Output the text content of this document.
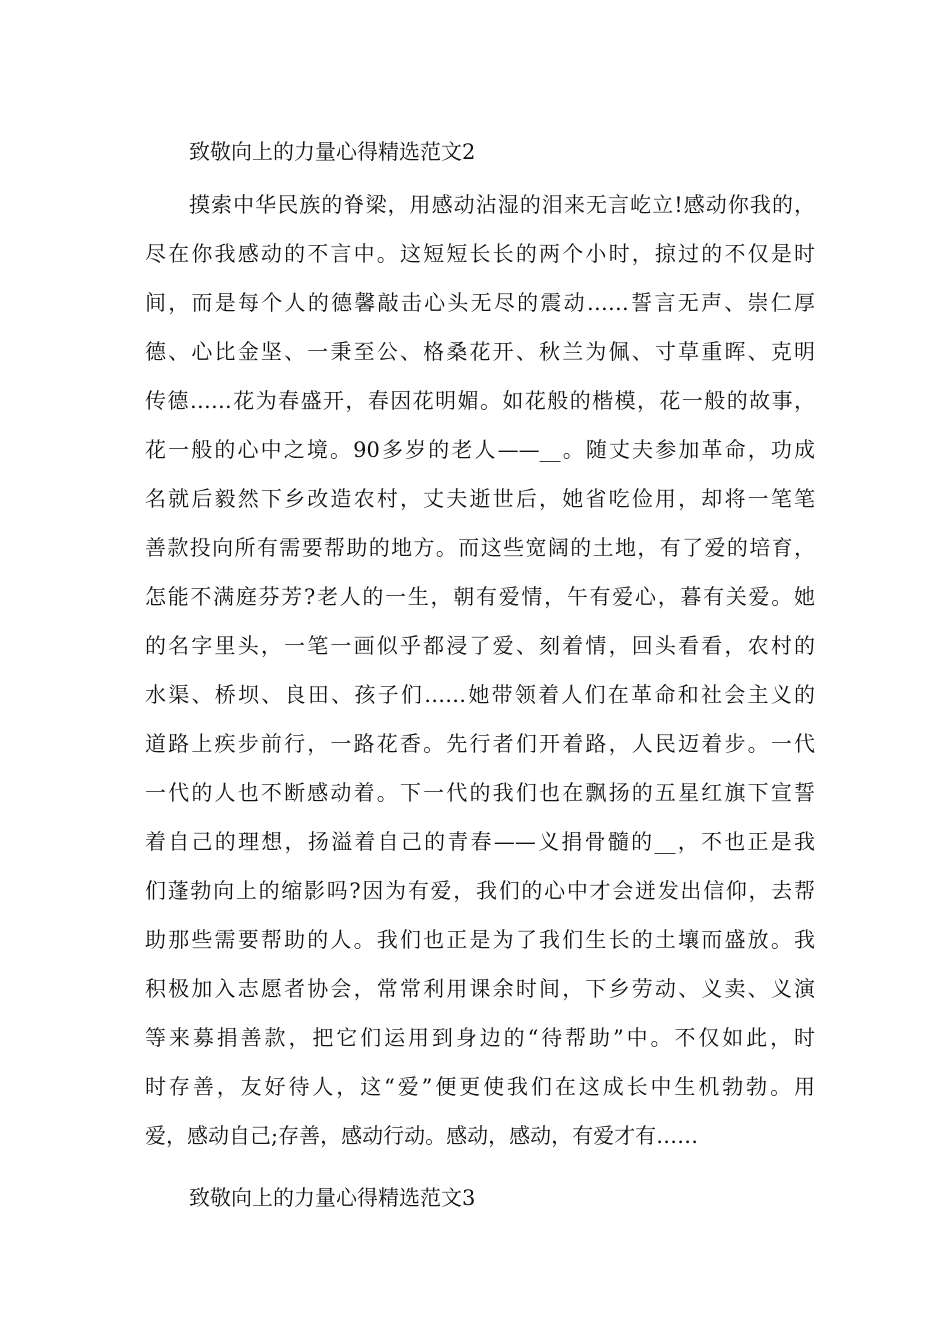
致敬向上的力量心得精选范文2

摸索中华民族的脊梁，用感动沾湿的泪来无言屹立!感动你我的，
尽在你我感动的不言中。这短短长长的两个小时，掠过的不仅是时
间，而是每个人的德馨敲击心头无尽的震动……誓言无声、崇仁厚
德、心比金坚、一秉至公、格桑花开、秋兰为佩、寸草重晖、克明
传德……花为春盛开，春因花明媚。如花般的楷模，花一般的故事，
花一般的心中之境。90多岁的老人——__。随丈夫参加革命，功成
名就后毅然下乡改造农村，丈夫逝世后，她省吃俭用，却将一笔笔
善款投向所有需要帮助的地方。而这些宽阔的土地，有了爱的培育，
怎能不满庭芬芳?老人的一生，朝有爱情，午有爱心，暮有关爱。她
的名字里头，一笔一画似乎都浸了爱、刻着情，回头看看，农村的
水渠、桥坝、良田、孩子们……她带领着人们在革命和社会主义的
道路上疾步前行，一路花香。先行者们开着路，人民迈着步。一代
一代的人也不断感动着。下一代的我们也在飘扬的五星红旗下宣誓
着自己的理想，扬溢着自己的青春——义捐骨髓的__，不也正是我
们蓬勃向上的缩影吗?因为有爱，我们的心中才会迸发出信仰，去帮
助那些需要帮助的人。我们也正是为了我们生长的土壤而盛放。我
积极加入志愿者协会，常常利用课余时间，下乡劳动、义卖、义演
等来募捐善款，把它们运用到身边的“待帮助”中。不仅如此，时
时存善，友好待人，这“爱”便更使我们在这成长中生机勃勃。用
爱，感动自己;存善，感动行动。感动，感动，有爱才有……

致敬向上的力量心得精选范文3
